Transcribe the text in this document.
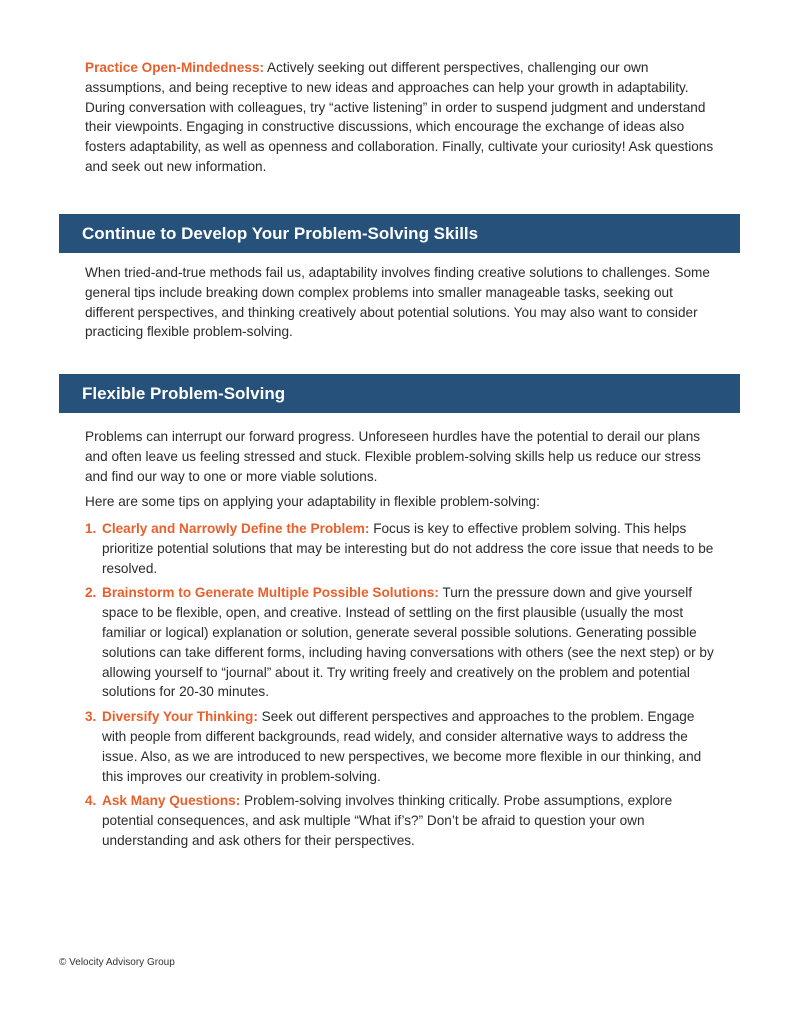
Practice Open-Mindedness: Actively seeking out different perspectives, challenging our own assumptions, and being receptive to new ideas and approaches can help your growth in adaptability. During conversation with colleagues, try “active listening” in order to suspend judgment and understand their viewpoints. Engaging in constructive discussions, which encourage the exchange of ideas also fosters adaptability, as well as openness and collaboration. Finally, cultivate your curiosity! Ask questions and seek out new information.

Continue to Develop Your Problem-Solving Skills

When tried-and-true methods fail us, adaptability involves finding creative solutions to challenges. Some general tips include breaking down complex problems into smaller manageable tasks, seeking out different perspectives, and thinking creatively about potential solutions. You may also want to consider practicing flexible problem-solving.

Flexible Problem-Solving

Problems can interrupt our forward progress. Unforeseen hurdles have the potential to derail our plans and often leave us feeling stressed and stuck. Flexible problem-solving skills help us reduce our stress and find our way to one or more viable solutions.

Here are some tips on applying your adaptability in flexible problem-solving:

1. Clearly and Narrowly Define the Problem: Focus is key to effective problem solving. This helps prioritize potential solutions that may be interesting but do not address the core issue that needs to be resolved.
2. Brainstorm to Generate Multiple Possible Solutions: Turn the pressure down and give yourself space to be flexible, open, and creative. Instead of settling on the first plausible (usually the most familiar or logical) explanation or solution, generate several possible solutions. Generating possible solutions can take different forms, including having conversations with others (see the next step) or by allowing yourself to “journal” about it. Try writing freely and creatively on the problem and potential solutions for 20-30 minutes.
3. Diversify Your Thinking: Seek out different perspectives and approaches to the problem. Engage with people from different backgrounds, read widely, and consider alternative ways to address the issue. Also, as we are introduced to new perspectives, we become more flexible in our thinking, and this improves our creativity in problem-solving.
4. Ask Many Questions: Problem-solving involves thinking critically. Probe assumptions, explore potential consequences, and ask multiple “What if’s?” Don’t be afraid to question your own understanding and ask others for their perspectives.

© Velocity Advisory Group
